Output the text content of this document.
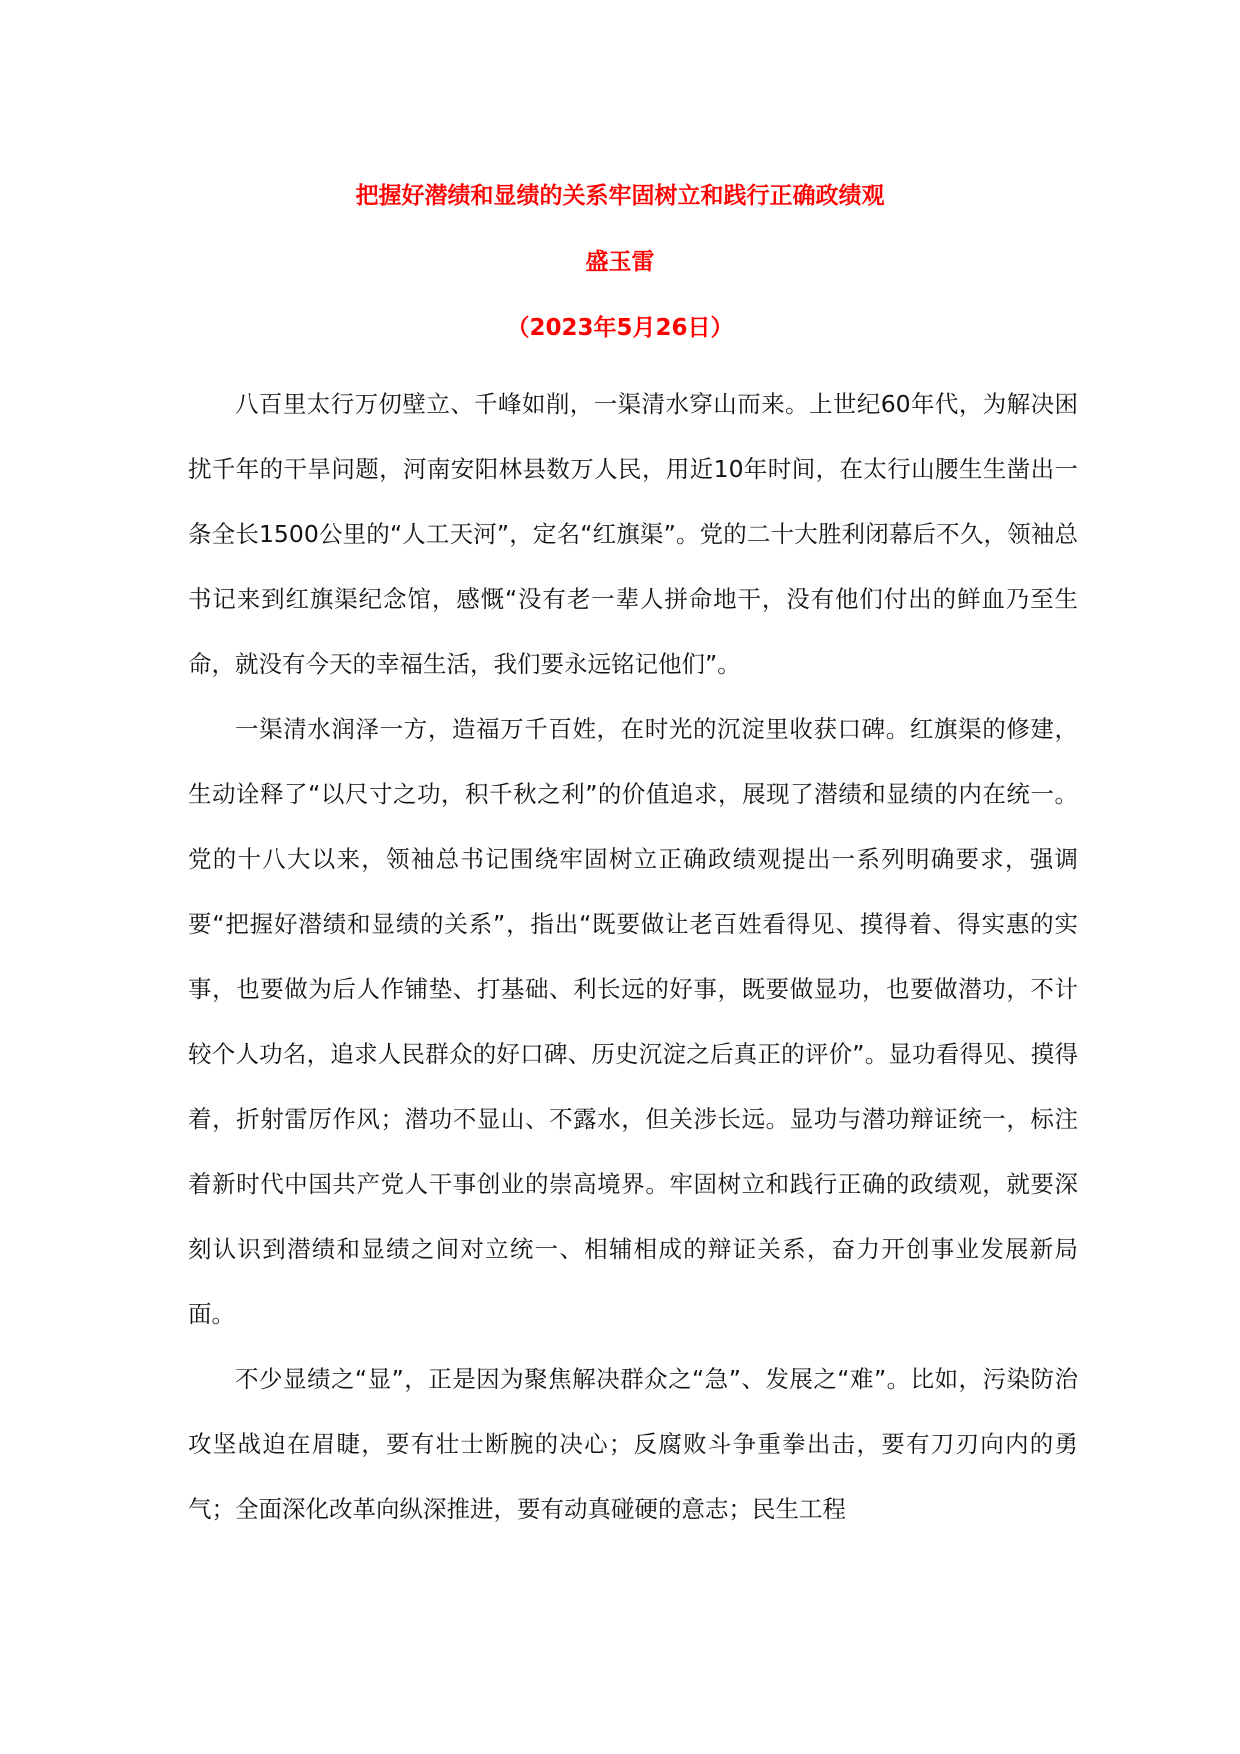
把握好潜绩和显绩的关系牢固树立和践行正确政绩观
盛玉雷
（2023年5月26日）

八百里太行万仞壁立、千峰如削，一渠清水穿山而来。上世纪60年代，为解决困扰千年的干旱问题，河南安阳林县数万人民，用近10年时间，在太行山腰生生凿出一条全长1500公里的“人工天河”，定名“红旗渠”。党的二十大胜利闭幕后不久，领袖总书记来到红旗渠纪念馆，感慨“没有老一辈人拼命地干，没有他们付出的鲜血乃至生命，就没有今天的幸福生活，我们要永远铭记他们”。

一渠清水润泽一方，造福万千百姓，在时光的沉淀里收获口碑。红旗渠的修建，生动诠释了“以尺寸之功，积千秋之利”的价值追求，展现了潜绩和显绩的内在统一。党的十八大以来，领袖总书记围绕牢固树立正确政绩观提出一系列明确要求，强调要“把握好潜绩和显绩的关系”，指出“既要做让老百姓看得见、摸得着、得实惠的实事，也要做为后人作铺垫、打基础、利长远的好事，既要做显功，也要做潜功，不计较个人功名，追求人民群众的好口碑、历史沉淀之后真正的评价”。显功看得见、摸得着，折射雷厉作风；潜功不显山、不露水，但关涉长远。显功与潜功辩证统一，标注着新时代中国共产党人干事创业的崇高境界。牢固树立和践行正确的政绩观，就要深刻认识到潜绩和显绩之间对立统一、相辅相成的辩证关系，奋力开创事业发展新局面。

不少显绩之“显”，正是因为聚焦解决群众之“急”、发展之“难”。比如，污染防治攻坚战迫在眉睫，要有壮士断腕的决心；反腐败斗争重拳出击，要有刀刃向内的勇气；全面深化改革向纵深推进，要有动真碰硬的意志；民生工程
